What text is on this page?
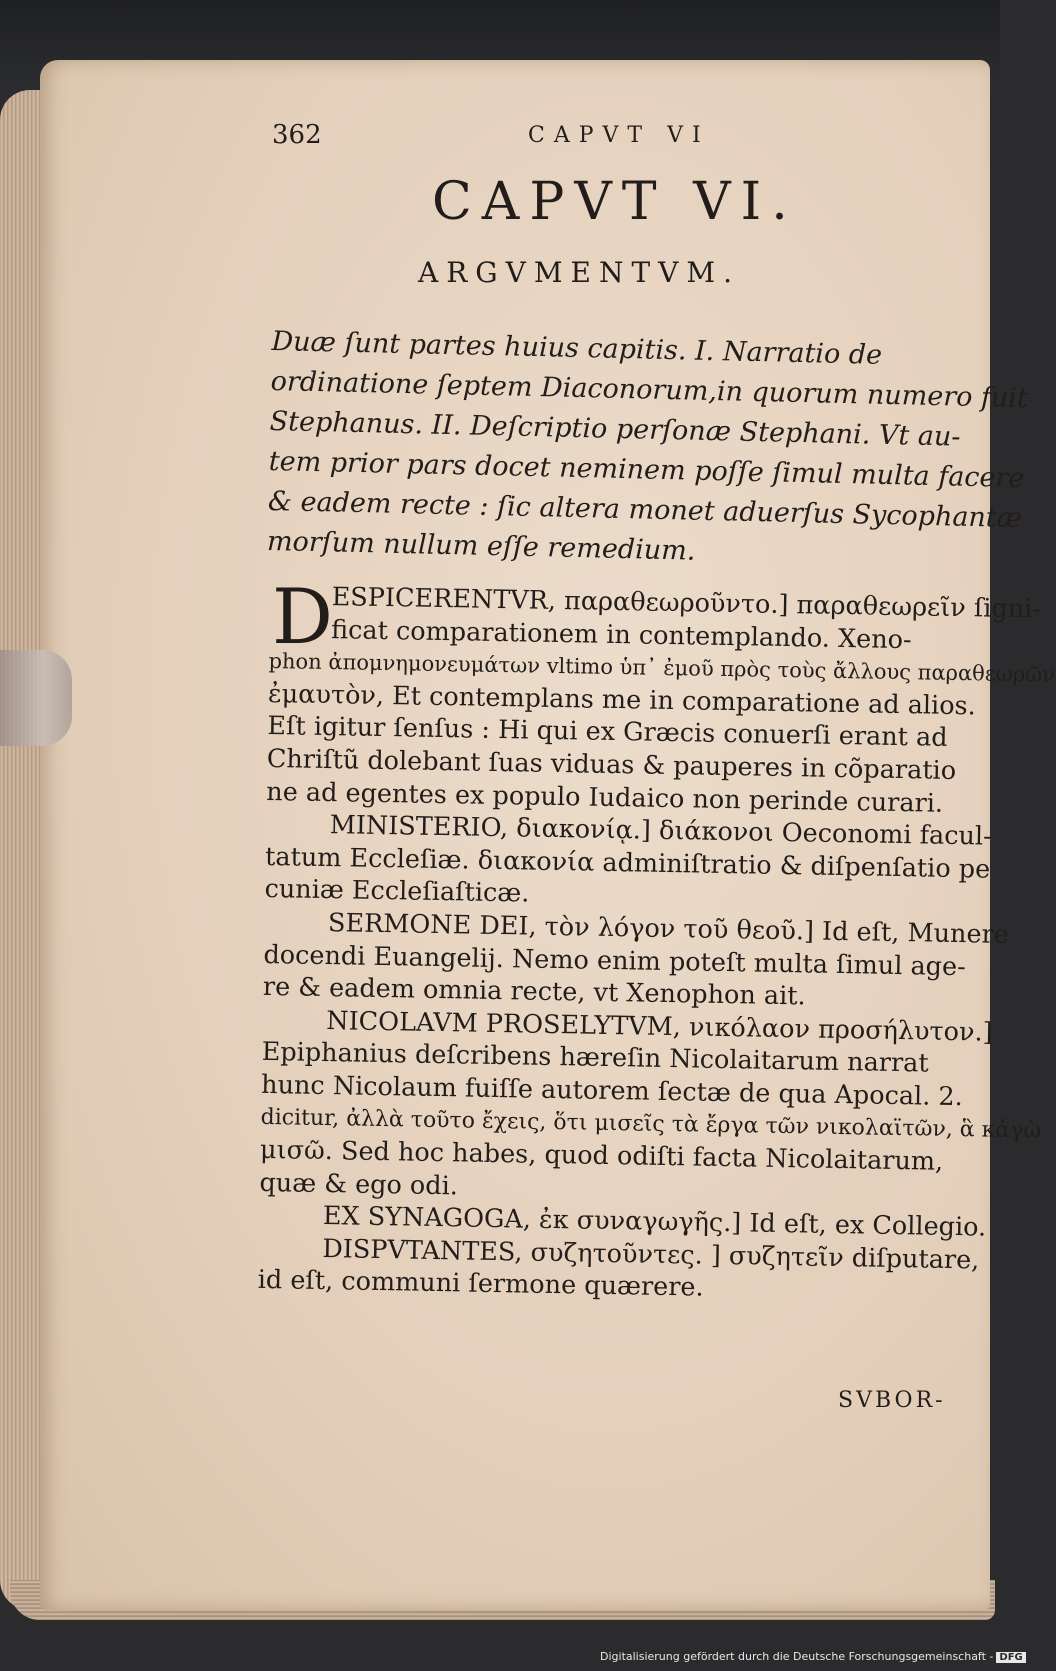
362	CAPVT VI
CAPVT VI.
ARGVMENTVM.
Duæ ſunt partes huius capitis. I. Narratio de
ordinatione ſeptem Diaconorum,in quorum numero fuit
Stephanus. II. Deſcriptio perſonæ Stephani. Vt au-
tem prior pars docet neminem poſſe ſimul multa facere
& eadem recte : ſic altera monet aduerſus Sycophantæ
morſum nullum eſſe remedium.
D
ESPICERENTVR, παραθεωροῦντο.] παραθεωρεῖν ſigni-
ficat comparationem in contemplando. Xeno-
phon ἀπομνημονευμάτων vltimo ὑπ᾽ ἐμοῦ πρὸς τοὺς ἄλλους παραθεωρῶν
ἐμαυτὸν, Et contemplans me in comparatione ad alios.
Eſt igitur ſenſus : Hi qui ex Græcis conuerſi erant ad
Chriſtũ dolebant ſuas viduas & pauperes in cõparatio
ne ad egentes ex populo Iudaico non perinde curari.
MINISTERIO, διακονίᾳ.] διάκονοι Oeconomi facul-
tatum Eccleſiæ. διακονία adminiſtratio & diſpenſatio pe
cuniæ Eccleſiaſticæ.
SERMONE DEI, τὸν λόγον τοῦ θεοῦ.] Id eſt, Munere
docendi Euangelij. Nemo enim poteſt multa ſimul age-
re & eadem omnia recte, vt Xenophon ait.
NICOLAVM PROSELYTVM, νικόλαον προσήλυτον.]
Epiphanius deſcribens hæreſin Nicolaitarum narrat
hunc Nicolaum fuiſſe autorem ſectæ de qua Apocal. 2.
dicitur, ἀλλὰ τοῦτο ἔχεις, ὅτι μισεῖς τὰ ἔργα τῶν νικολαϊτῶν, ἃ κἀγὼ
μισῶ. Sed hoc habes, quod odiſti facta Nicolaitarum,
quæ & ego odi.
EX SYNAGOGA, ἐκ συναγωγῆς.] Id eſt, ex Collegio.
DISPVTANTES, συζητοῦντες. ] συζητεῖν diſputare,
id eſt, communi ſermone quærere.
SVBOR-
Digitalisierung gefördert durch die Deutsche Forschungsgemeinschaft - DFG
